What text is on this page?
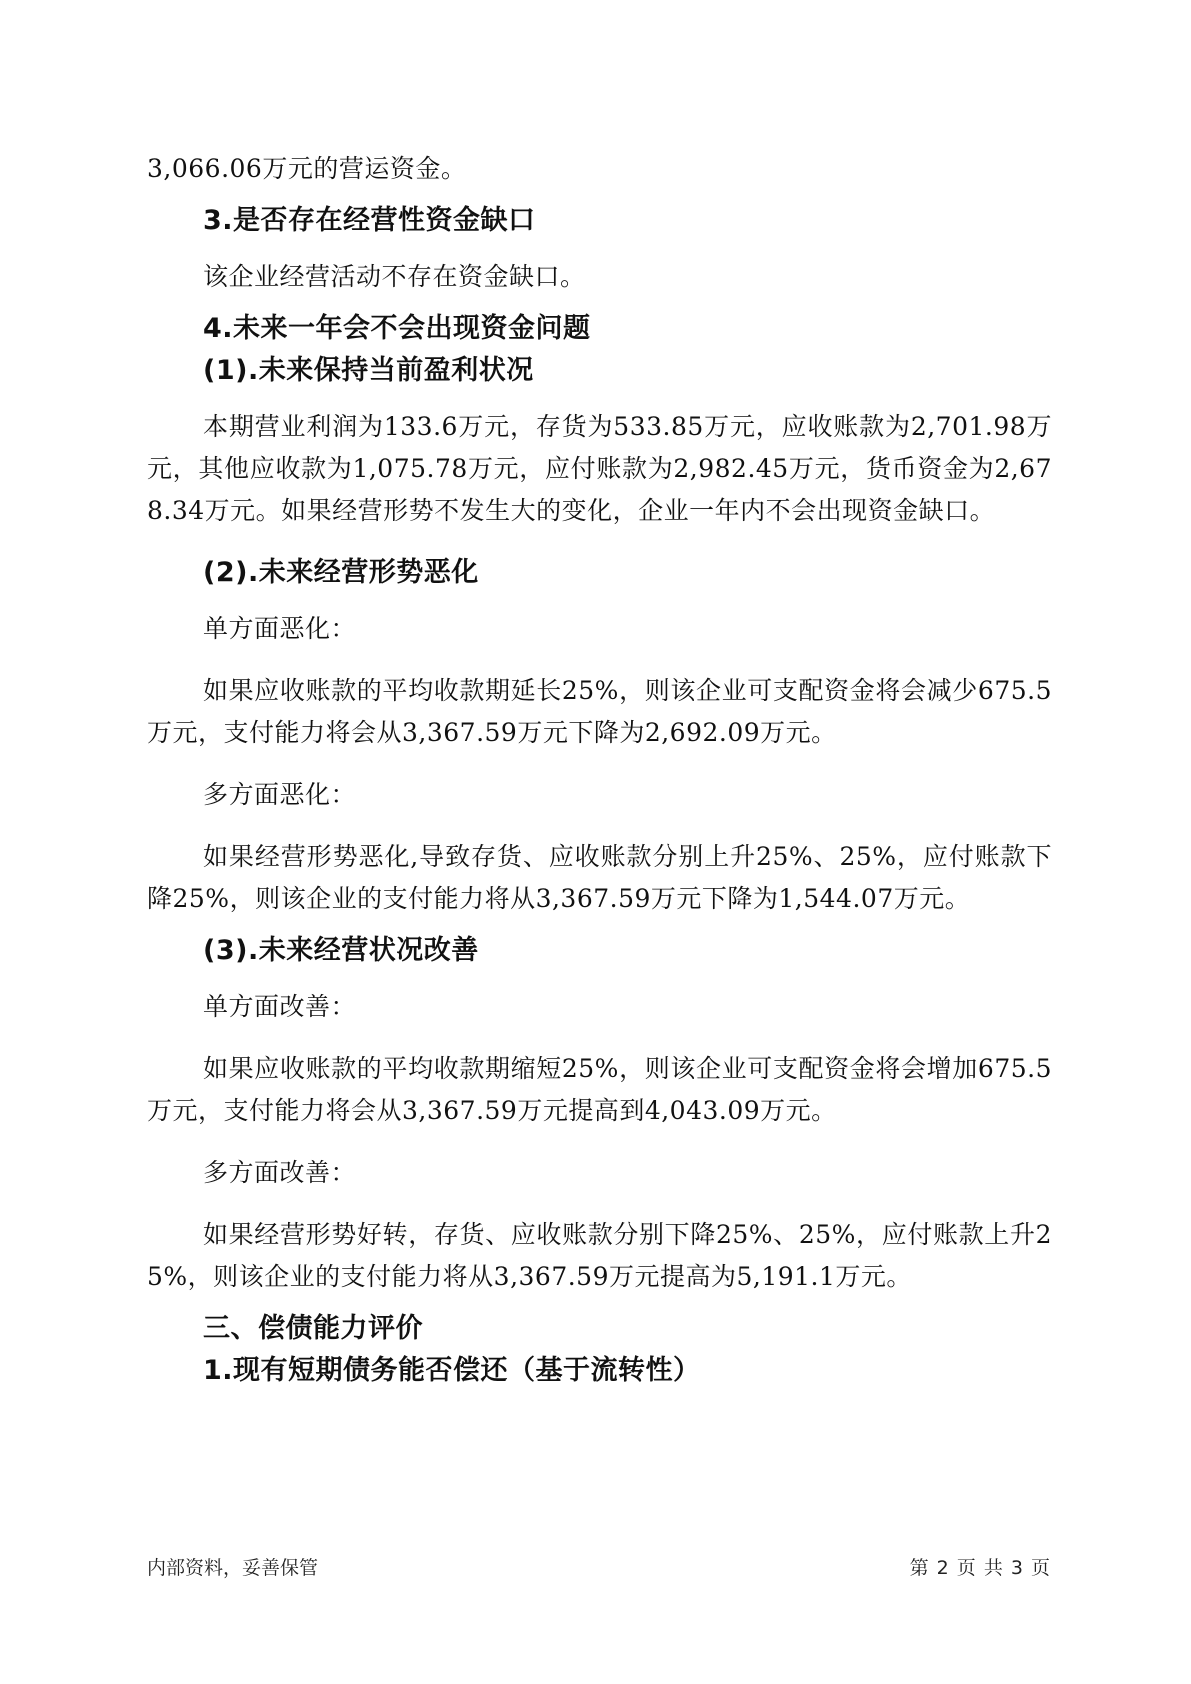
3,066.06万元的营运资金。

3.是否存在经营性资金缺口

该企业经营活动不存在资金缺口。

4.未来一年会不会出现资金问题
(1).未来保持当前盈利状况

本期营业利润为133.6万元，存货为533.85万元，应收账款为2,701.98万元，其他应收款为1,075.78万元，应付账款为2,982.45万元，货币资金为2,678.34万元。如果经营形势不发生大的变化，企业一年内不会出现资金缺口。

(2).未来经营形势恶化

单方面恶化：

如果应收账款的平均收款期延长25%，则该企业可支配资金将会减少675.5万元，支付能力将会从3,367.59万元下降为2,692.09万元。

多方面恶化：

如果经营形势恶化,导致存货、应收账款分别上升25%、25%，应付账款下降25%，则该企业的支付能力将从3,367.59万元下降为1,544.07万元。

(3).未来经营状况改善

单方面改善：

如果应收账款的平均收款期缩短25%，则该企业可支配资金将会增加675.5万元，支付能力将会从3,367.59万元提高到4,043.09万元。

多方面改善：

如果经营形势好转，存货、应收账款分别下降25%、25%，应付账款上升25%，则该企业的支付能力将从3,367.59万元提高为5,191.1万元。

三、偿债能力评价
1.现有短期债务能否偿还（基于流转性）
内部资料，妥善保管	第 2 页 共 3 页
